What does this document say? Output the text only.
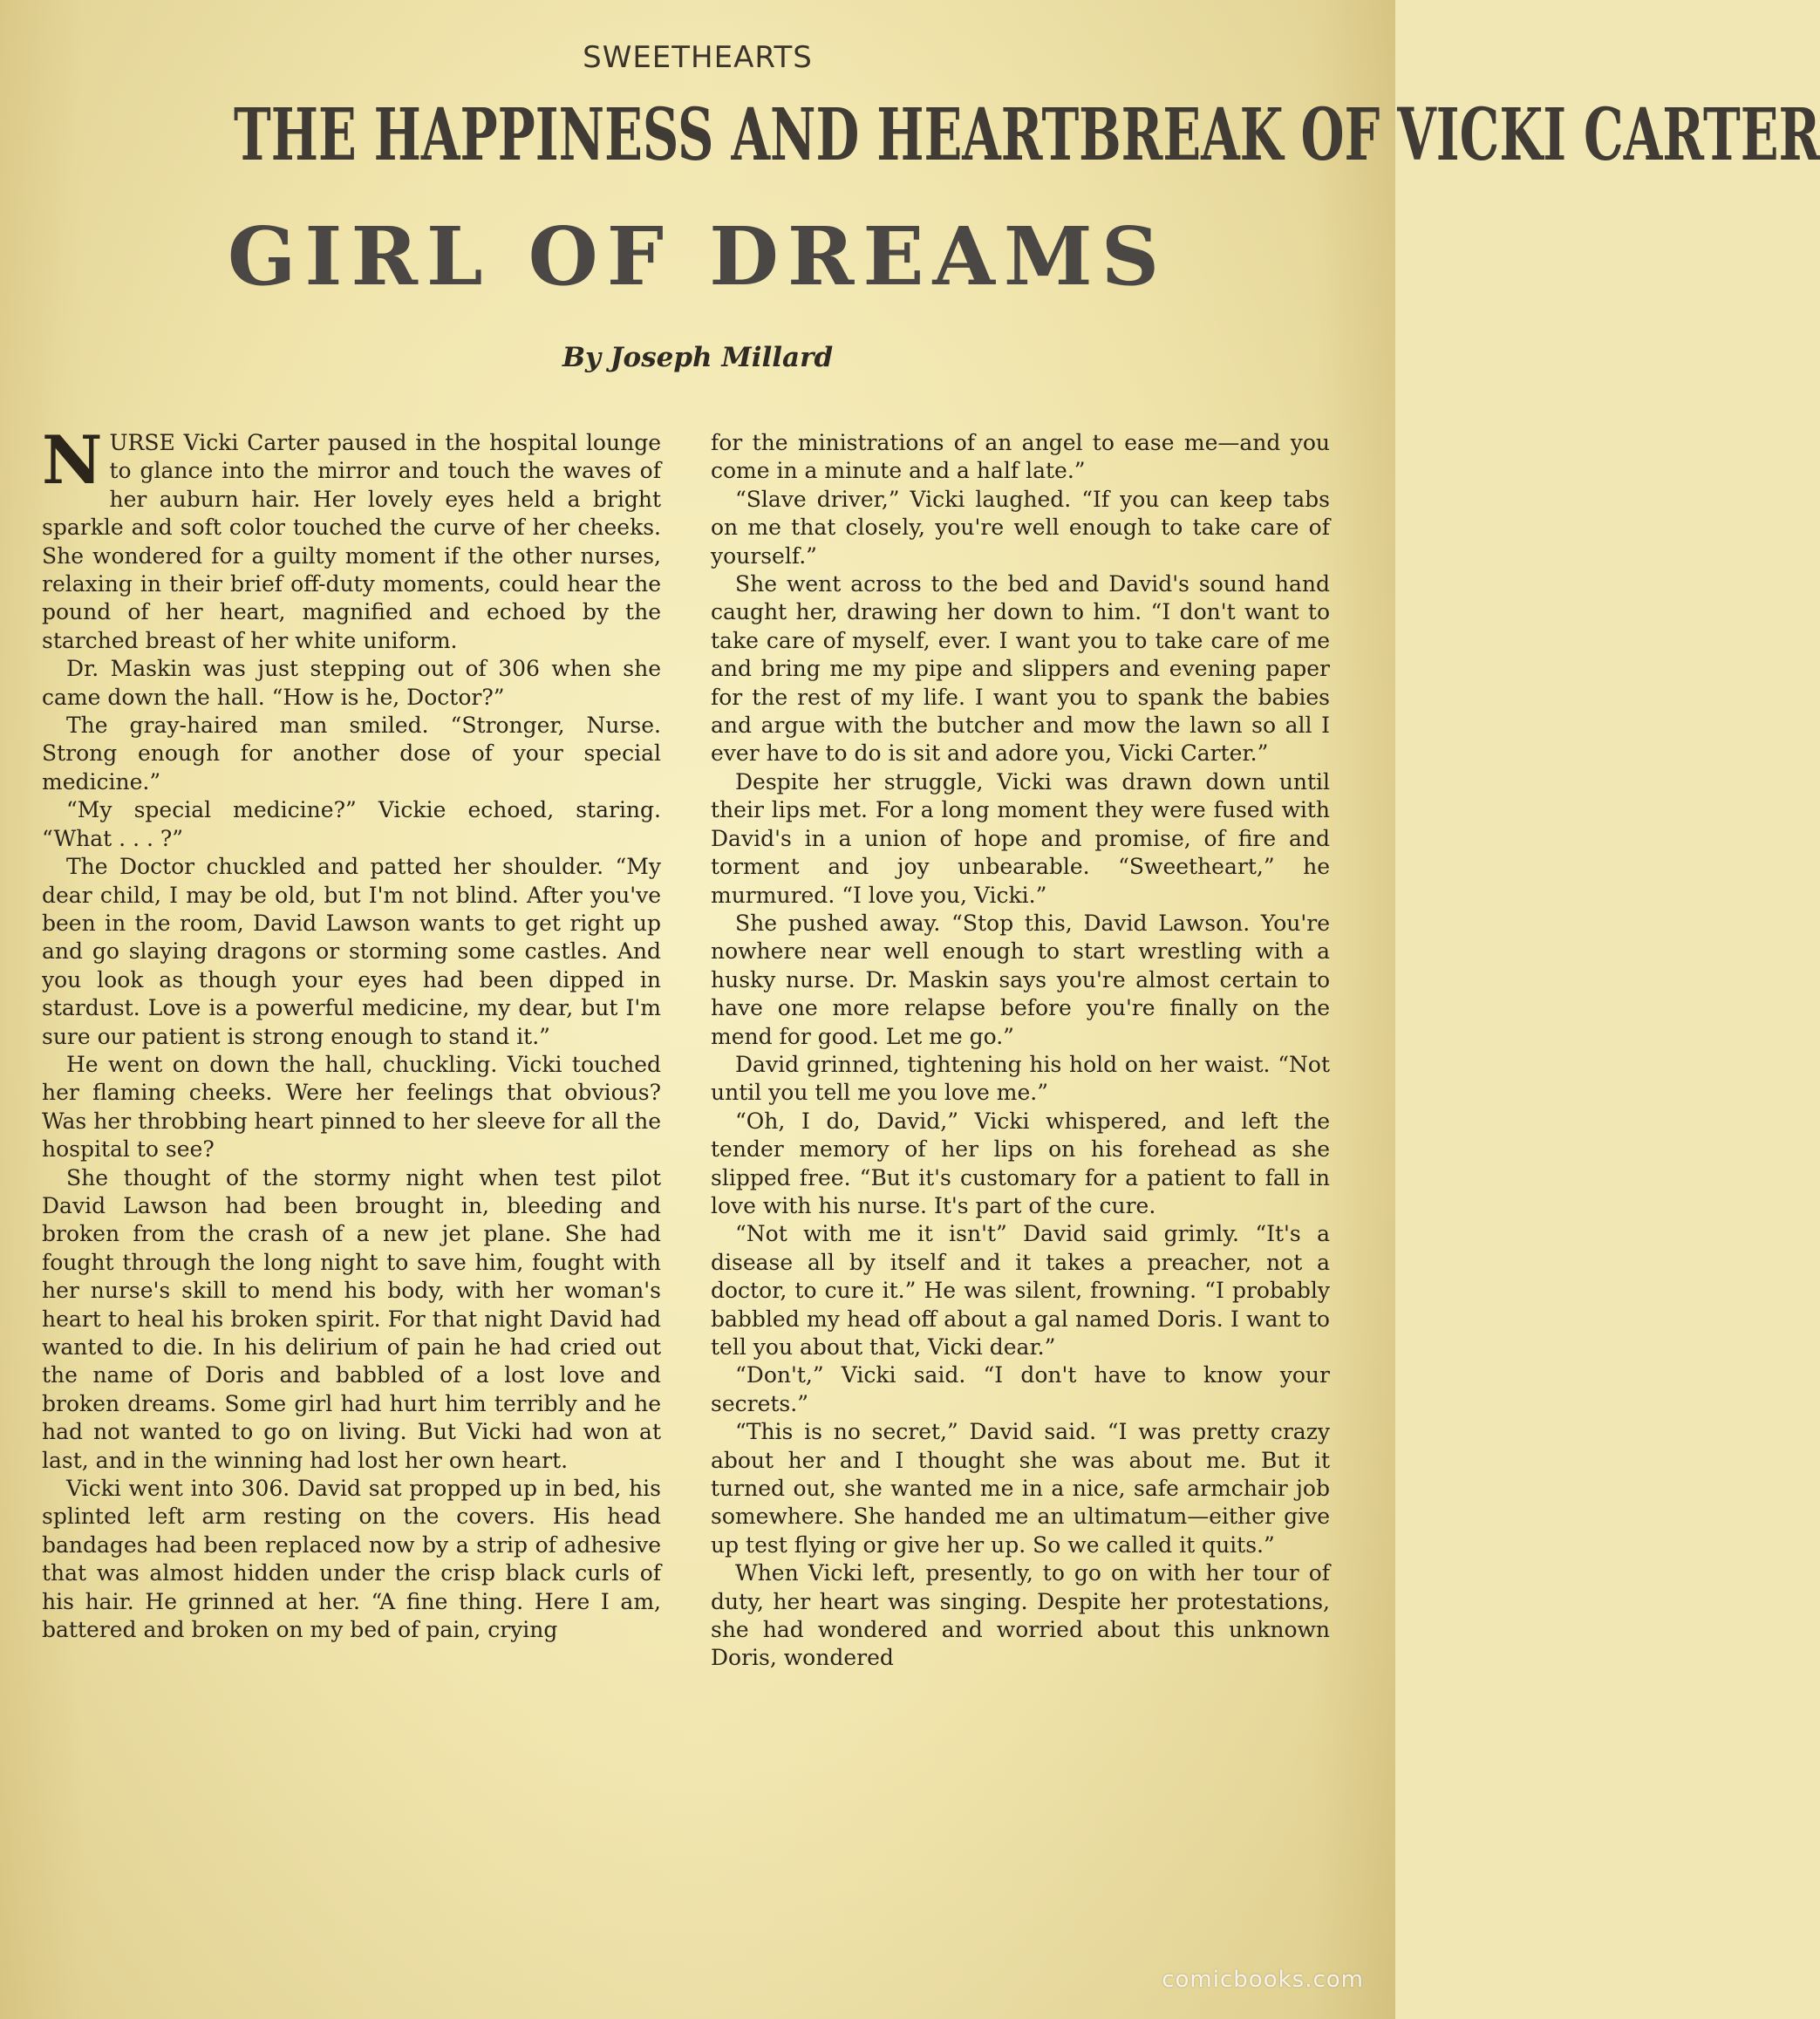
SWEETHEARTS
THE HAPPINESS AND HEARTBREAK OF VICKI CARTER
GIRL OF DREAMS
By Joseph Millard

NURSE Vicki Carter paused in the hospital lounge to glance into the mirror and touch the waves of her auburn hair. Her lovely eyes held a bright sparkle and soft color touched the curve of her cheeks. She wondered for a guilty moment if the other nurses, relaxing in their brief off-duty moments, could hear the pound of her heart, magnified and echoed by the starched breast of her white uniform.

Dr. Maskin was just stepping out of 306 when she came down the hall. “How is he, Doctor?”

The gray-haired man smiled. “Stronger, Nurse. Strong enough for another dose of your special medicine.”

“My special medicine?” Vickie echoed, staring. “What . . . ?”

The Doctor chuckled and patted her shoulder. “My dear child, I may be old, but I'm not blind. After you've been in the room, David Lawson wants to get right up and go slaying dragons or storming some castles. And you look as though your eyes had been dipped in stardust. Love is a powerful medicine, my dear, but I'm sure our patient is strong enough to stand it.”

He went on down the hall, chuckling. Vicki touched her flaming cheeks. Were her feelings that obvious? Was her throbbing heart pinned to her sleeve for all the hospital to see?

She thought of the stormy night when test pilot David Lawson had been brought in, bleeding and broken from the crash of a new jet plane. She had fought through the long night to save him, fought with her nurse's skill to mend his body, with her woman's heart to heal his broken spirit. For that night David had wanted to die. In his delirium of pain he had cried out the name of Doris and babbled of a lost love and broken dreams. Some girl had hurt him terribly and he had not wanted to go on living. But Vicki had won at last, and in the winning had lost her own heart.

Vicki went into 306. David sat propped up in bed, his splinted left arm resting on the covers. His head bandages had been replaced now by a strip of adhesive that was almost hidden under the crisp black curls of his hair. He grinned at her. “A fine thing. Here I am, battered and broken on my bed of pain, crying

for the ministrations of an angel to ease me—and you come in a minute and a half late.”

“Slave driver,” Vicki laughed. “If you can keep tabs on me that closely, you're well enough to take care of yourself.”

She went across to the bed and David's sound hand caught her, drawing her down to him. “I don't want to take care of myself, ever. I want you to take care of me and bring me my pipe and slippers and evening paper for the rest of my life. I want you to spank the babies and argue with the butcher and mow the lawn so all I ever have to do is sit and adore you, Vicki Carter.”

Despite her struggle, Vicki was drawn down until their lips met. For a long moment they were fused with David's in a union of hope and promise, of fire and torment and joy unbearable. “Sweetheart,” he murmured. “I love you, Vicki.”

She pushed away. “Stop this, David Lawson. You're nowhere near well enough to start wrestling with a husky nurse. Dr. Maskin says you're almost certain to have one more relapse before you're finally on the mend for good. Let me go.”

David grinned, tightening his hold on her waist. “Not until you tell me you love me.”

“Oh, I do, David,” Vicki whispered, and left the tender memory of her lips on his forehead as she slipped free. “But it's customary for a patient to fall in love with his nurse. It's part of the cure.

“Not with me it isn't” David said grimly. “It's a disease all by itself and it takes a preacher, not a doctor, to cure it.” He was silent, frowning. “I probably babbled my head off about a gal named Doris. I want to tell you about that, Vicki dear.”

“Don't,” Vicki said. “I don't have to know your secrets.”

“This is no secret,” David said. “I was pretty crazy about her and I thought she was about me. But it turned out, she wanted me in a nice, safe armchair job somewhere. She handed me an ultimatum—either give up test flying or give her up. So we called it quits.”

When Vicki left, presently, to go on with her tour of duty, her heart was singing. Despite her protestations, she had wondered and worried about this unknown Doris, wondered

comicbooks.com
